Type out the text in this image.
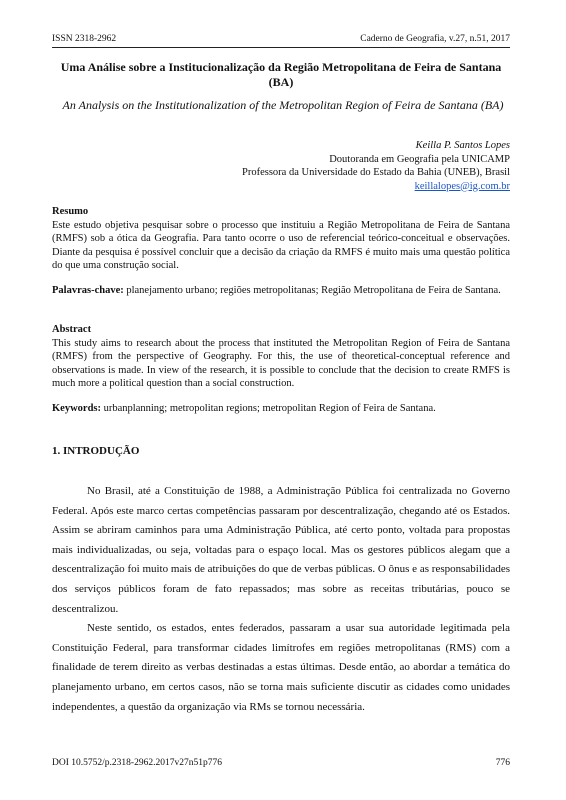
ISSN 2318-2962	Caderno de Geografia, v.27, n.51, 2017
Uma Análise sobre a Institucionalização da Região Metropolitana de Feira de Santana (BA)
An Analysis on the Institutionalization of the Metropolitan Region of Feira de Santana (BA)
Keilla P. Santos Lopes
Doutoranda em Geografia pela UNICAMP
Professora da Universidade do Estado da Bahia (UNEB), Brasil
keillalopes@ig.com.br
Resumo
Este estudo objetiva pesquisar sobre o processo que instituiu a Região Metropolitana de Feira de Santana (RMFS) sob a ótica da Geografia. Para tanto ocorre o uso de referencial teórico-conceitual e observações. Diante da pesquisa é possível concluir que a decisão da criação da RMFS é muito mais uma questão política do que uma construção social.
Palavras-chave: planejamento urbano; regiões metropolitanas; Região Metropolitana de Feira de Santana.
Abstract
This study aims to research about the process that instituted the Metropolitan Region of Feira de Santana (RMFS) from the perspective of Geography. For this, the use of theoretical-conceptual reference and observations is made. In view of the research, it is possible to conclude that the decision to create RMFS is much more a political question than a social construction.
Keywords: urbanplanning; metropolitan regions; metropolitan Region of Feira de Santana.
1. INTRODUÇÃO

No Brasil, até a Constituição de 1988, a Administração Pública foi centralizada no Governo Federal. Após este marco certas competências passaram por descentralização, chegando até os Estados. Assim se abriram caminhos para uma Administração Pública, até certo ponto, voltada para propostas mais individualizadas, ou seja, voltadas para o espaço local. Mas os gestores públicos alegam que a descentralização foi muito mais de atribuições do que de verbas públicas. O ônus e as responsabilidades dos serviços públicos foram de fato repassados; mas sobre as receitas tributárias, pouco se descentralizou.

Neste sentido, os estados, entes federados, passaram a usar sua autoridade legitimada pela Constituição Federal, para transformar cidades limítrofes em regiões metropolitanas (RMS) com a finalidade de terem direito as verbas destinadas a estas últimas. Desde então, ao abordar a temática do planejamento urbano, em certos casos, não se torna mais suficiente discutir as cidades como unidades independentes, a questão da organização via RMs se tornou necessária.

DOI 10.5752/p.2318-2962.2017v27n51p776	776
